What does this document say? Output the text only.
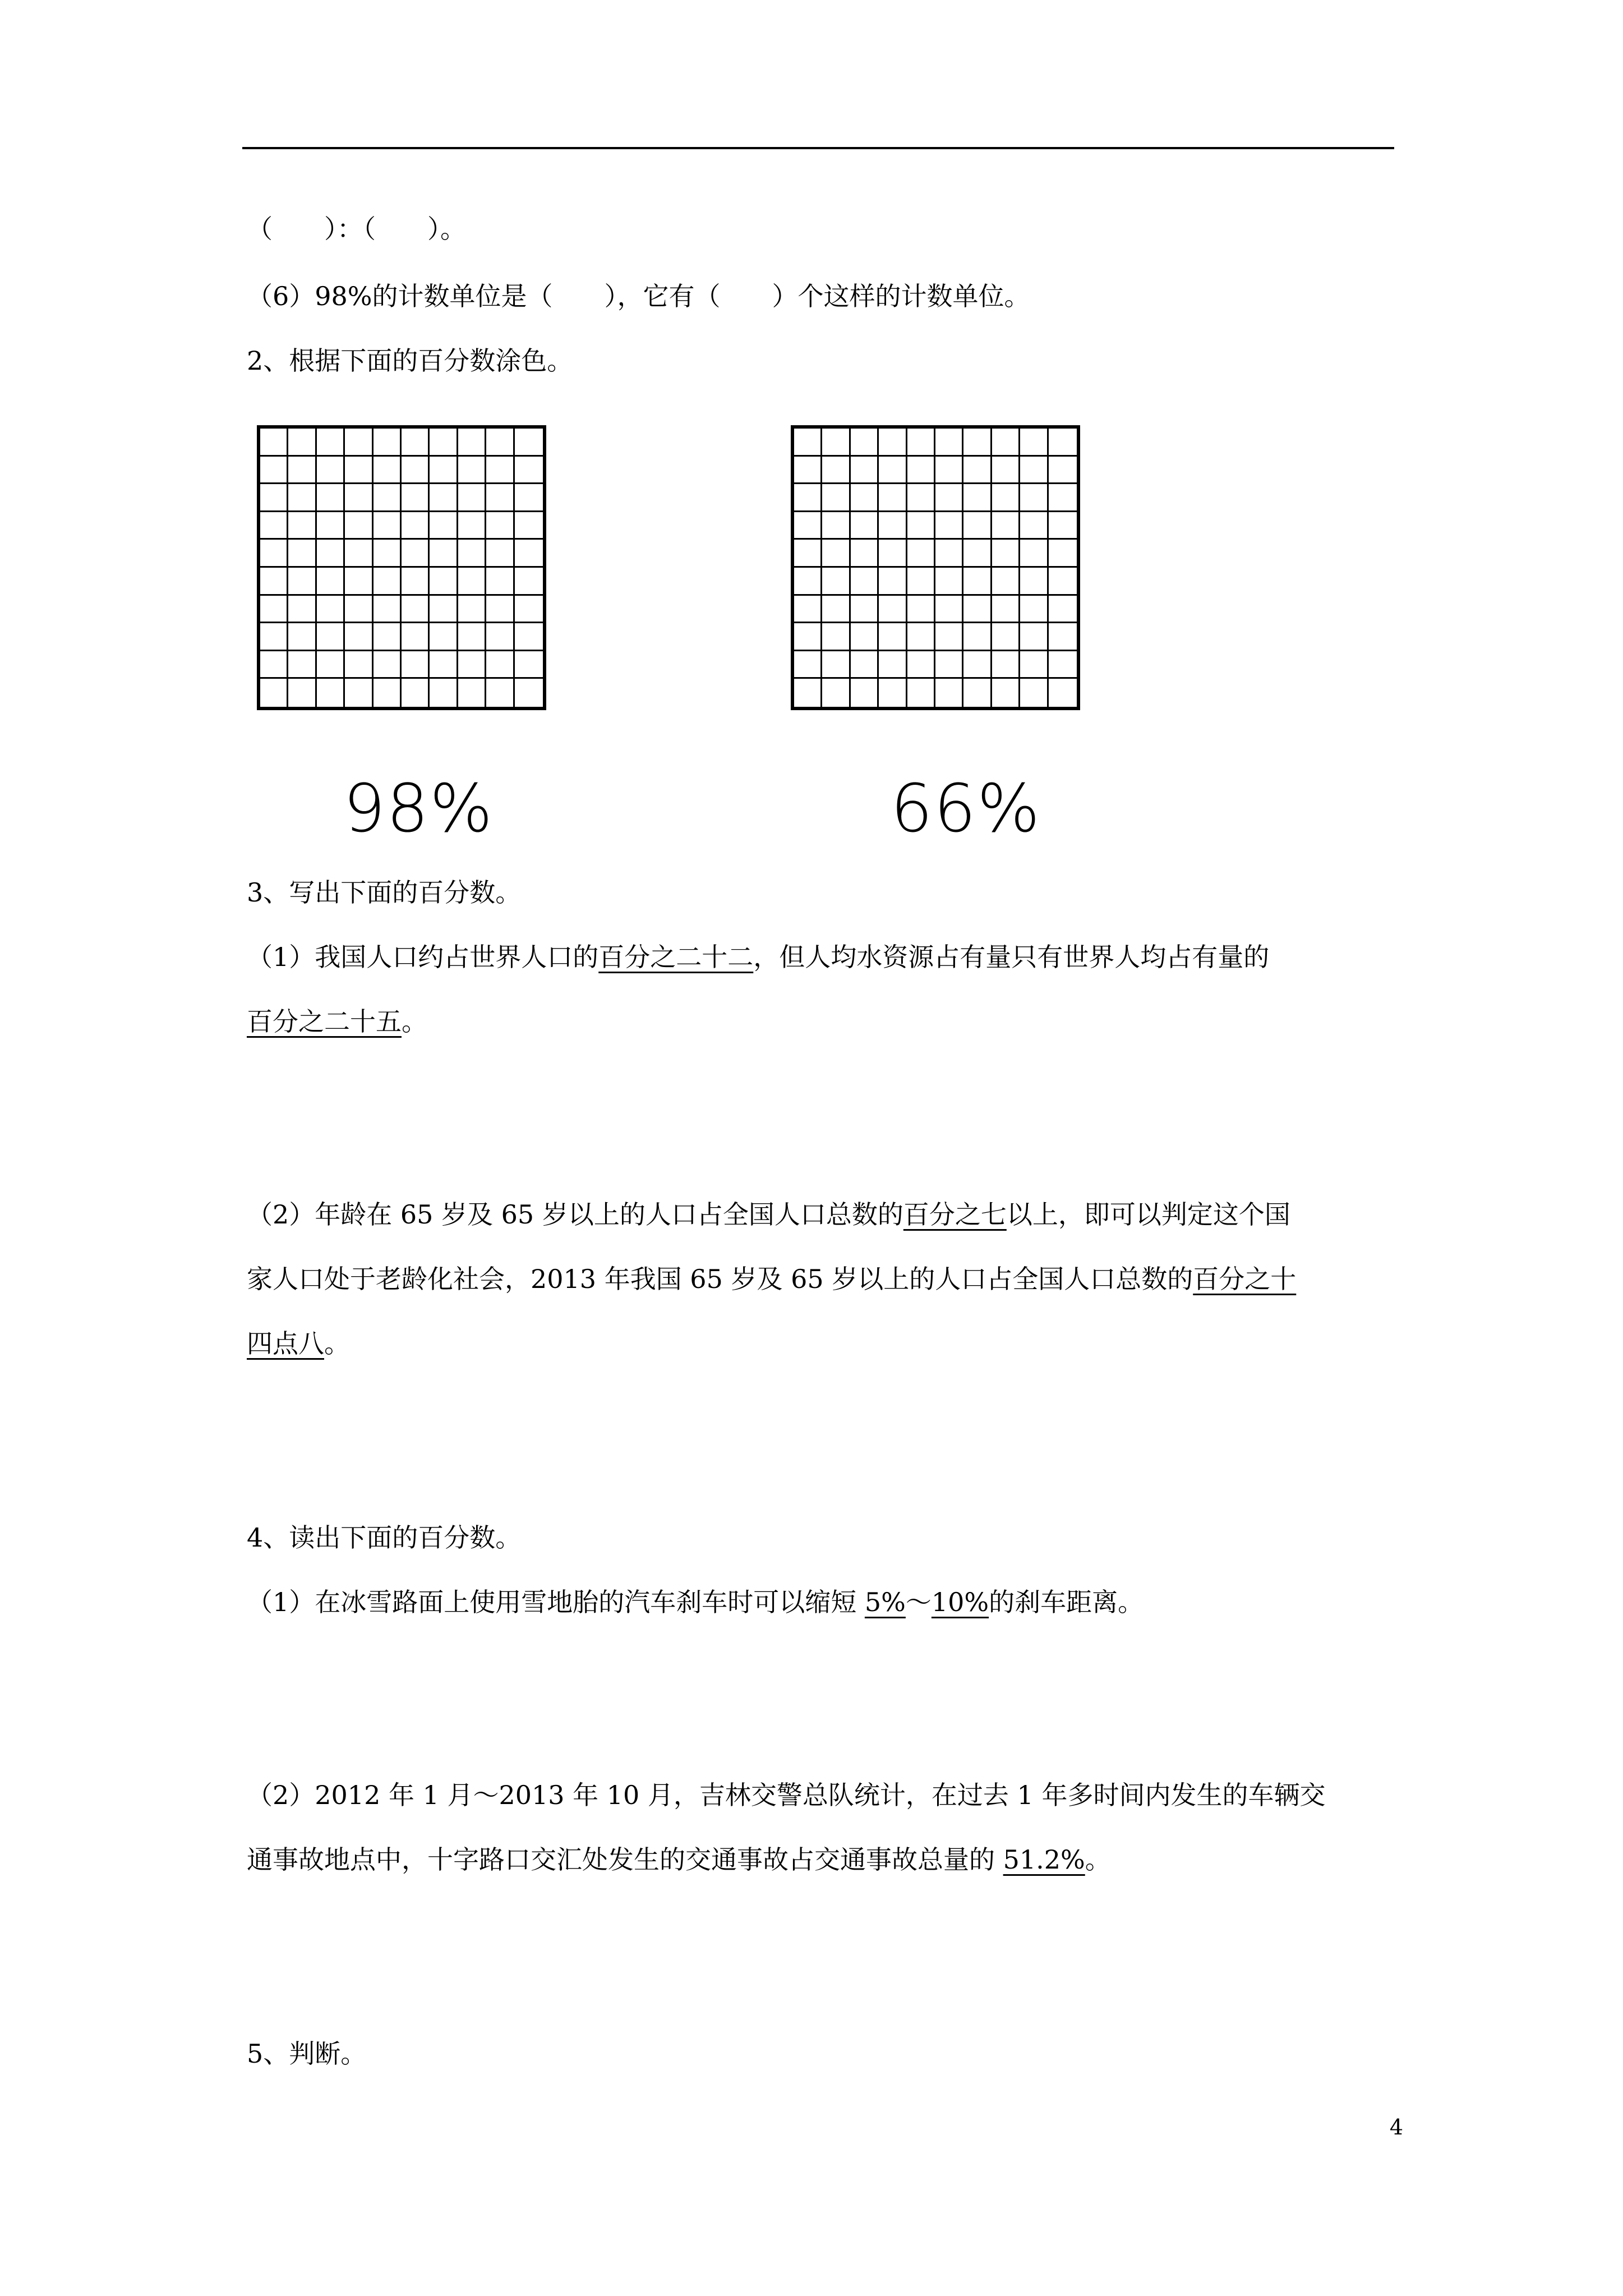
（　　）：（　　）。
（6）98%的计数单位是（　　），它有（　　）个这样的计数单位。
2、根据下面的百分数涂色。
98%	66%
3、写出下面的百分数。
（1）我国人口约占世界人口的百分之二十二，但人均水资源占有量只有世界人均占有量的
百分之二十五。
（2）年龄在 65 岁及 65 岁以上的人口占全国人口总数的百分之七以上，即可以判定这个国
家人口处于老龄化社会，2013 年我国 65 岁及 65 岁以上的人口占全国人口总数的百分之十
四点八。
4、读出下面的百分数。
（1）在冰雪路面上使用雪地胎的汽车刹车时可以缩短 5%～10%的刹车距离。
（2）2012 年 1 月～2013 年 10 月，吉林交警总队统计，在过去 1 年多时间内发生的车辆交
通事故地点中，十字路口交汇处发生的交通事故占交通事故总量的 51.2%。
5、判断。
4
